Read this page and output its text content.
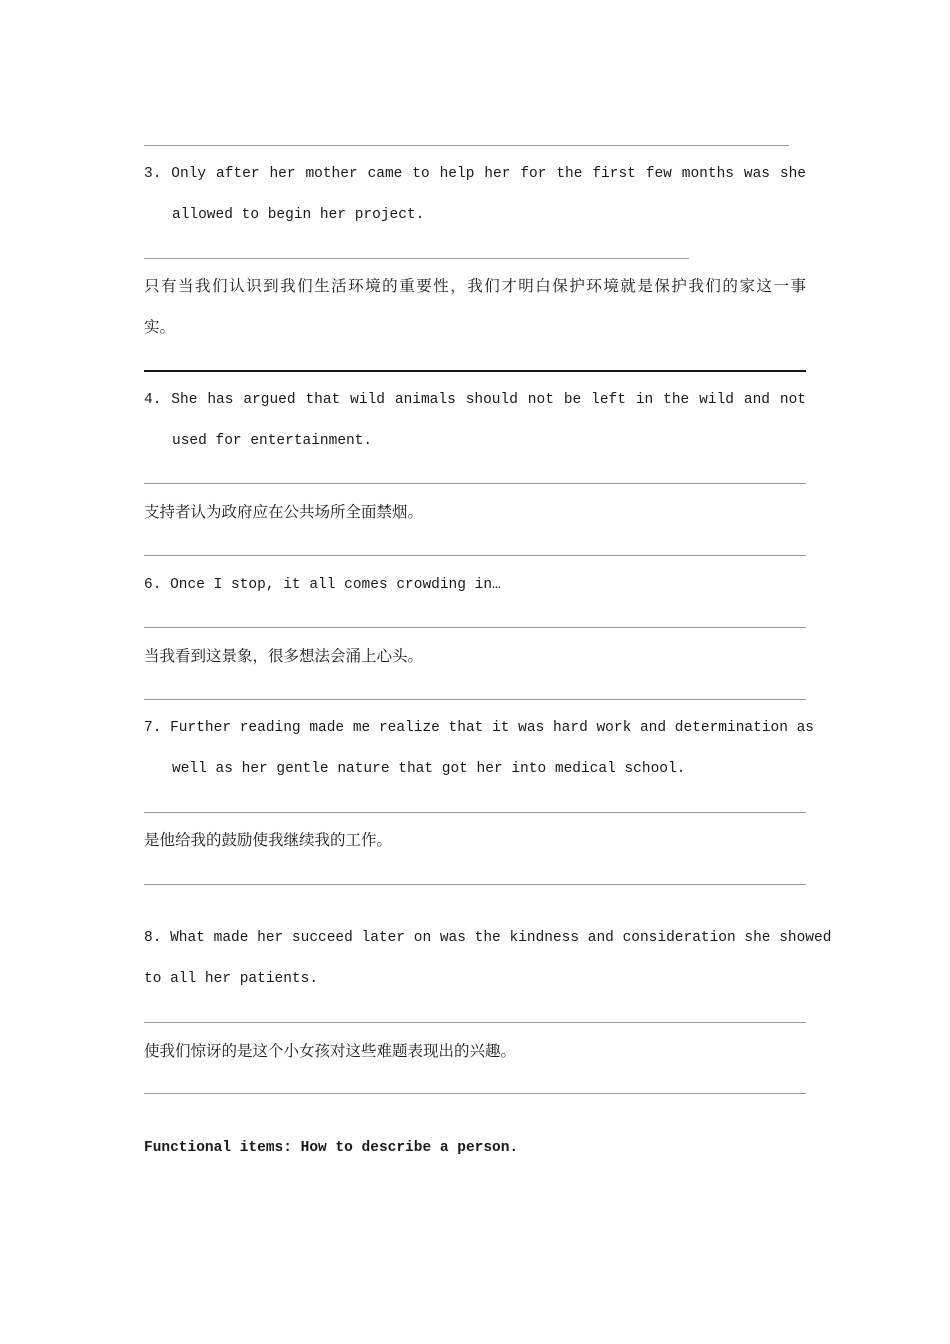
3. Only after her mother came to help her for the first few months was she
allowed to begin her project.
只有当我们认识到我们生活环境的重要性，我们才明白保护环境就是保护我们的家这一事
实。
4. She has argued that wild animals should not be left in the wild and not
used for entertainment.
支持者认为政府应在公共场所全面禁烟。
6. Once I stop, it all comes crowding in…
当我看到这景象，很多想法会涌上心头。
7. Further reading made me realize that it was hard work and determination as
well as her gentle nature that got her into medical school.
是他给我的鼓励使我继续我的工作。
8. What made her succeed later on was the kindness and consideration she showed
to all her patients.
使我们惊讶的是这个小女孩对这些难题表现出的兴趣。
Functional items: How to describe a person.
